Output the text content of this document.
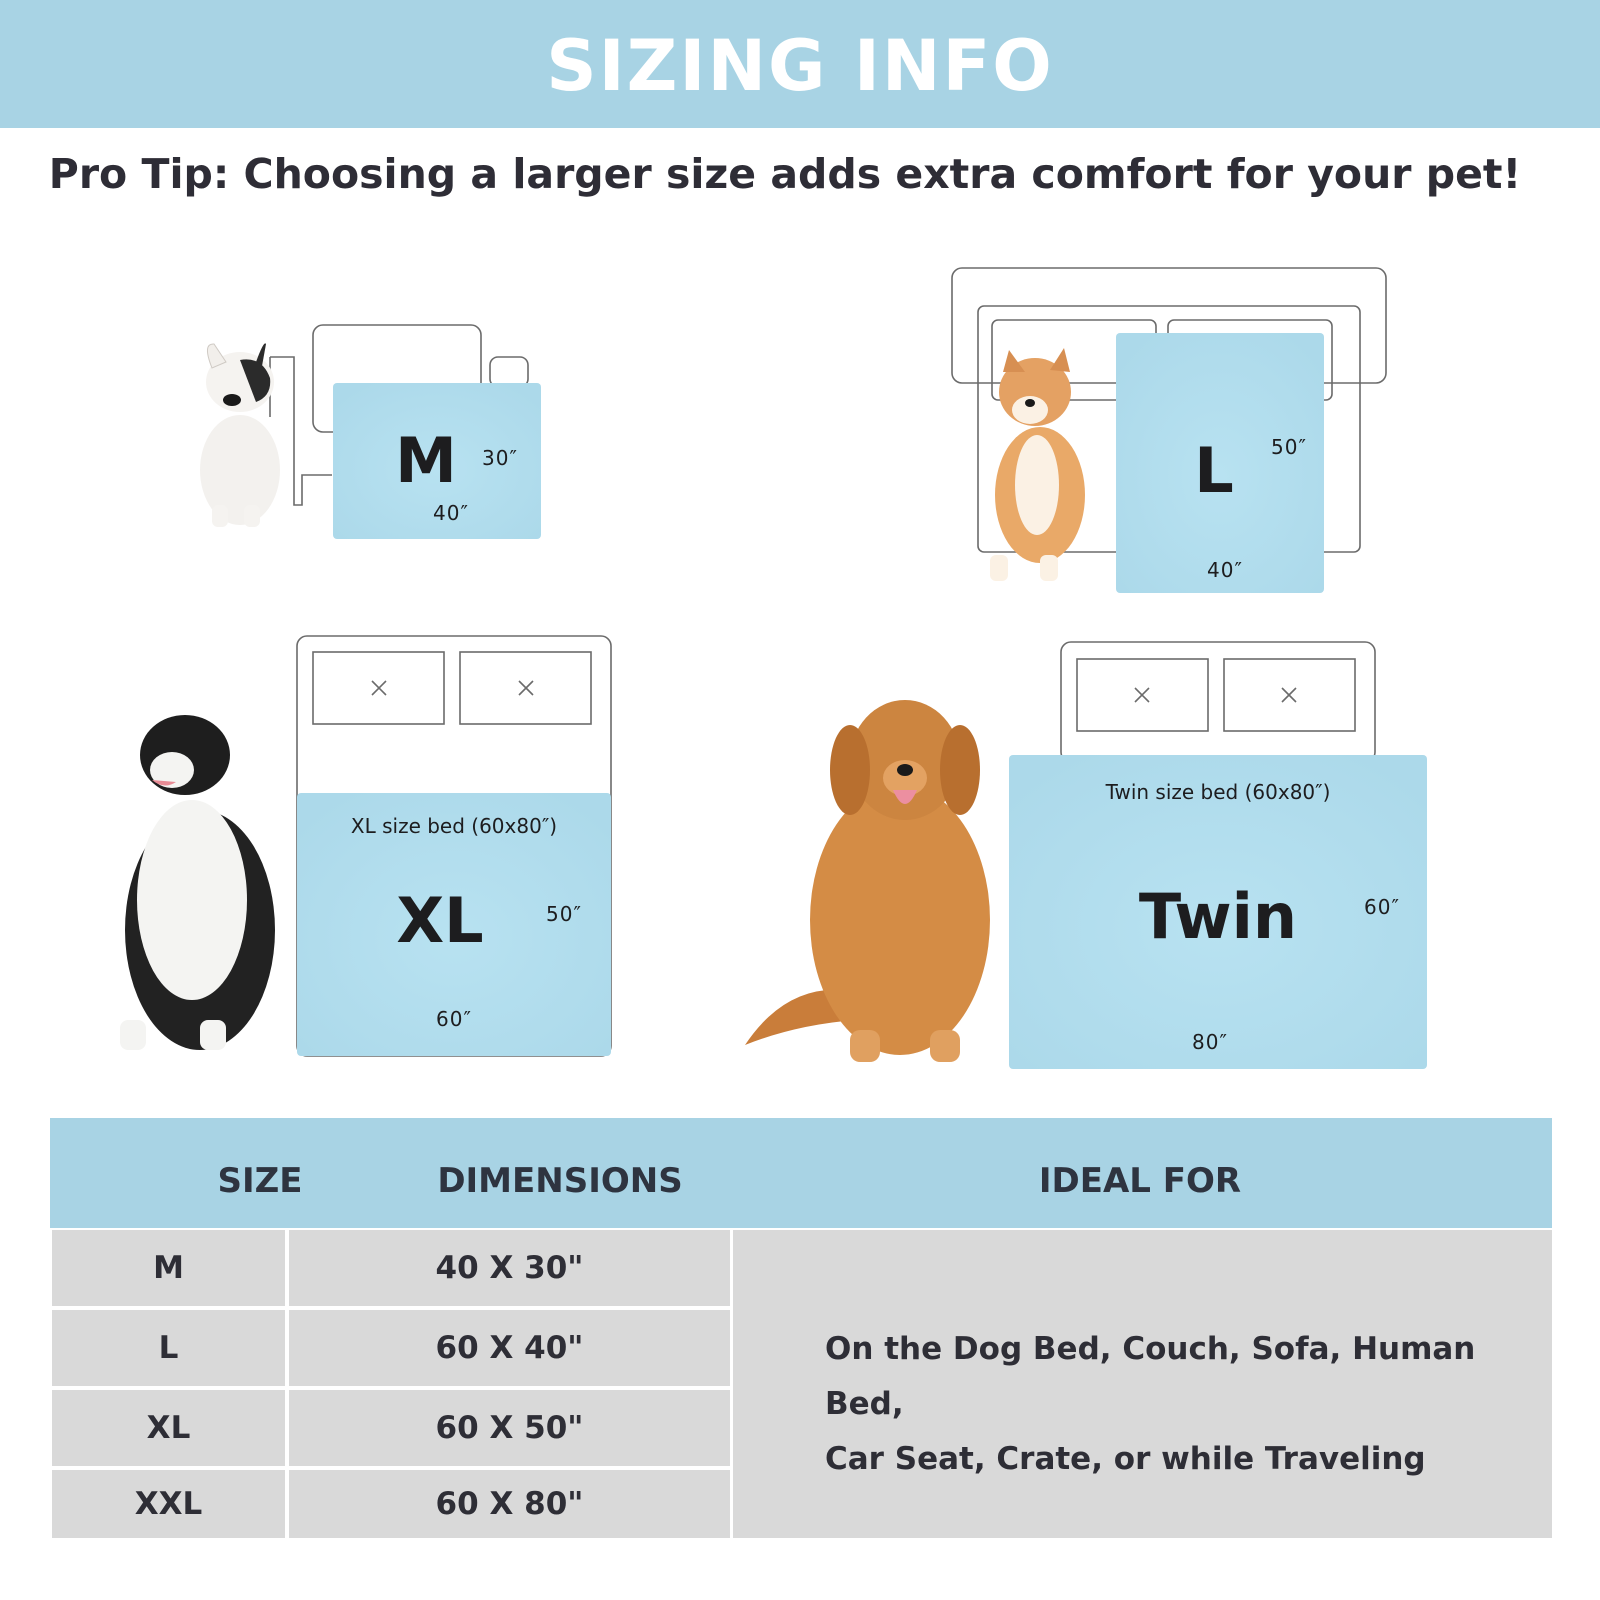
SIZING INFO

Pro Tip: Choosing a larger size adds extra comfort for your pet!

M 30″
40″
L 50″
40″
XL size bed (60x80″)
XL	50″
60″
Twin size bed (60x80″)
Twin	60″
80″
SIZE	DIMENSIONS	IDEAL FOR
M	40 X 30"
L	60 X 40"
XL	60 X 50"
XXL	60 X 80"

On the Dog Bed, Couch, Sofa, Human Bed,
Car Seat, Crate, or while Traveling
